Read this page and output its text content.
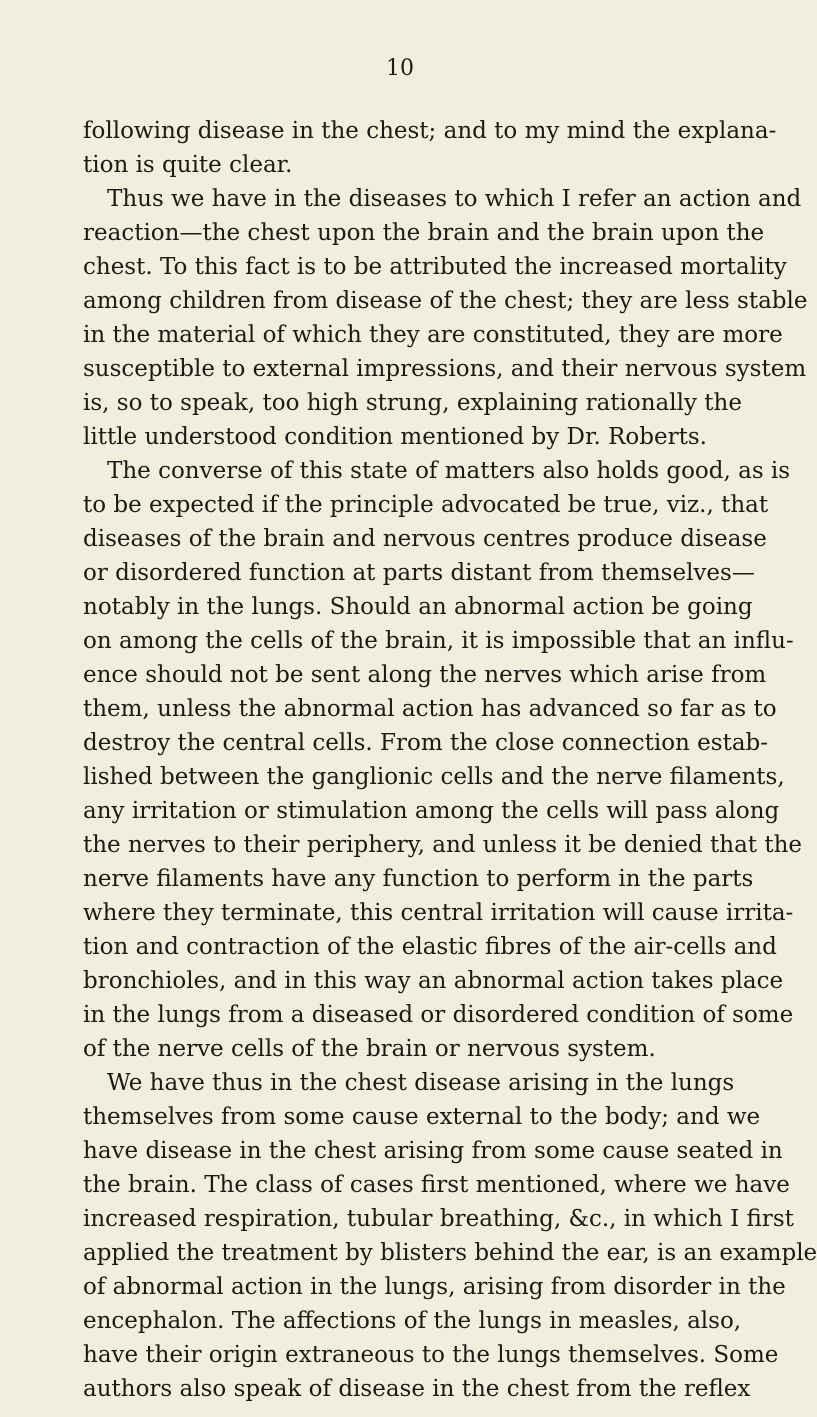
10
following disease in the chest; and to my mind the explana-
tion is quite clear.
Thus we have in the diseases to which I refer an action and
reaction—the chest upon the brain and the brain upon the
chest. To this fact is to be attributed the increased mortality
among children from disease of the chest; they are less stable
in the material of which they are constituted, they are more
susceptible to external impressions, and their nervous system
is, so to speak, too high strung, explaining rationally the
little understood condition mentioned by Dr. Roberts.
The converse of this state of matters also holds good, as is
to be expected if the principle advocated be true, viz., that
diseases of the brain and nervous centres produce disease
or disordered function at parts distant from themselves—
notably in the lungs. Should an abnormal action be going
on among the cells of the brain, it is impossible that an influ-
ence should not be sent along the nerves which arise from
them, unless the abnormal action has advanced so far as to
destroy the central cells. From the close connection estab-
lished between the ganglionic cells and the nerve filaments,
any irritation or stimulation among the cells will pass along
the nerves to their periphery, and unless it be denied that the
nerve filaments have any function to perform in the parts
where they terminate, this central irritation will cause irrita-
tion and contraction of the elastic fibres of the air-cells and
bronchioles, and in this way an abnormal action takes place
in the lungs from a diseased or disordered condition of some
of the nerve cells of the brain or nervous system.
We have thus in the chest disease arising in the lungs
themselves from some cause external to the body; and we
have disease in the chest arising from some cause seated in
the brain. The class of cases first mentioned, where we have
increased respiration, tubular breathing, &c., in which I first
applied the treatment by blisters behind the ear, is an example
of abnormal action in the lungs, arising from disorder in the
encephalon. The affections of the lungs in measles, also,
have their origin extraneous to the lungs themselves. Some
authors also speak of disease in the chest from the reflex
